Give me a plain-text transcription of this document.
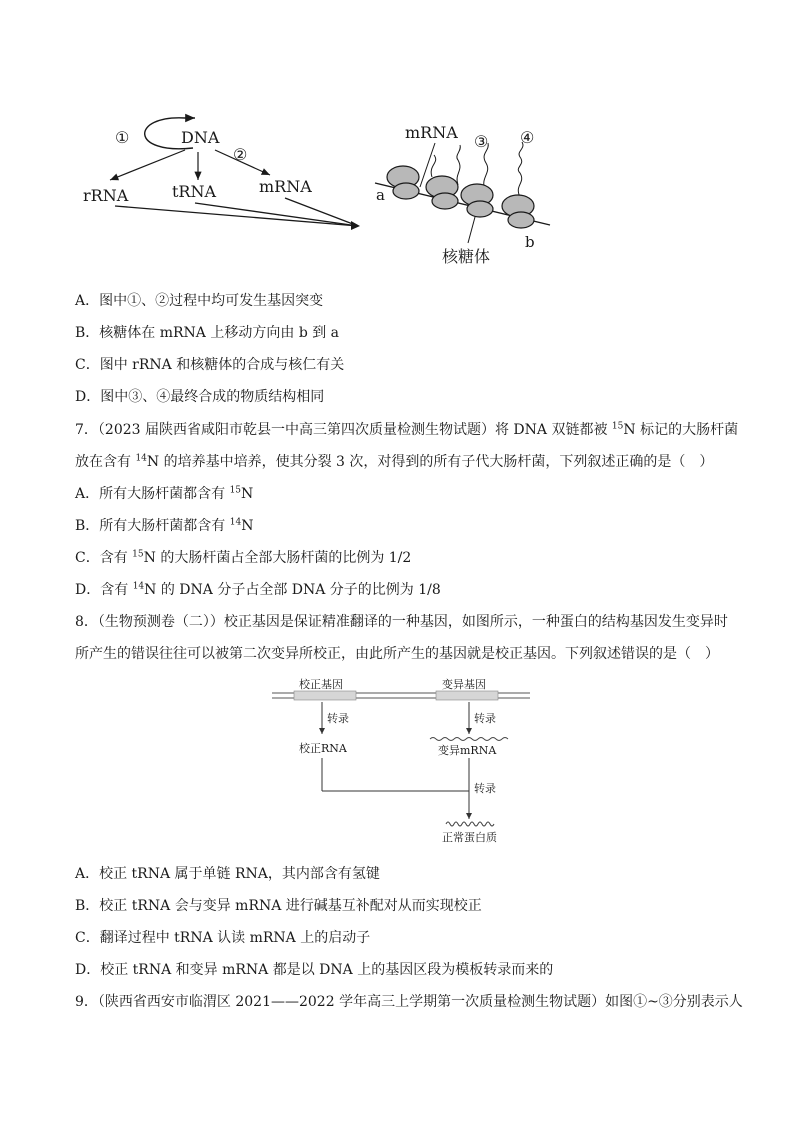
①	DNA
②
rRNA	tRNA	mRNA
mRNA ③ ④
a
b
核糖体
A．图中①、②过程中均可发生基因突变
B．核糖体在 mRNA 上移动方向由 b 到 a
C．图中 rRNA 和核糖体的合成与核仁有关
D．图中③、④最终合成的物质结构相同
7．（2023 届陕西省咸阳市乾县一中高三第四次质量检测生物试题）将 DNA 双链都被 $^{15}$N 标记的大肠杆菌
放在含有 $^{14}$N 的培养基中培养，使其分裂 3 次，对得到的所有子代大肠杆菌，下列叙述正确的是（　）
A．所有大肠杆菌都含有 $^{15}$N
B．所有大肠杆菌都含有 $^{14}$N
C．含有 $^{15}$N 的大肠杆菌占全部大肠杆菌的比例为 1/2
D．含有 $^{14}$N 的 DNA 分子占全部 DNA 分子的比例为 1/8
8．（生物预测卷（二））校正基因是保证精准翻译的一种基因，如图所示，一种蛋白的结构基因发生变异时
所产生的错误往往可以被第二次变异所校正，由此所产生的基因就是校正基因。下列叙述错误的是（　）
校正基因	变异基因
转录	转录
校正RNA	变异mRNA
转录
正常蛋白质
A．校正 tRNA 属于单链 RNA，其内部含有氢键
B．校正 tRNA 会与变异 mRNA 进行碱基互补配对从而实现校正
C．翻译过程中 tRNA 认读 mRNA 上的启动子
D．校正 tRNA 和变异 mRNA 都是以 DNA 上的基因区段为模板转录而来的
9．（陕西省西安市临渭区 2021——2022 学年高三上学期第一次质量检测生物试题）如图①~③分别表示人
